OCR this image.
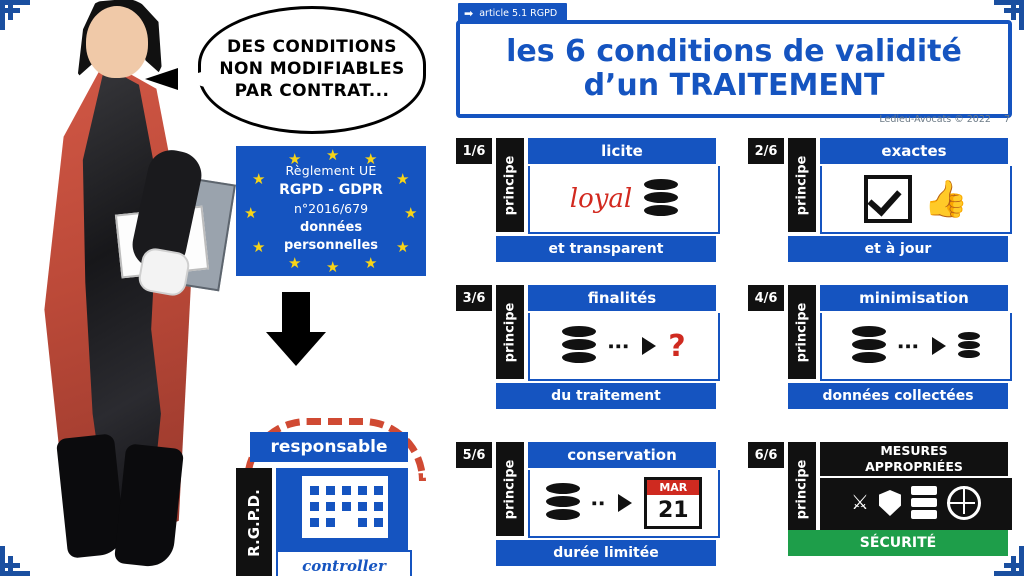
DES CONDITIONS NON MODIFIABLES PAR CONTRAT...
★ ★ ★
★	★
★	★
★	★
★ ★ ★
Règlement UE
RGPD - GDPR
n°2016/679
données
personnelles
responsable
R.G.P.D.
controller
➡ article 5.1 RGPD
les 6 conditions de validité
d’un TRAITEMENT
Ledieu-Avocats © 2022 7
1/6
principe
licite
loyal
et transparent
2/6
principe
exactes
👍
et à jour
3/6
principe
finalités
▪▪▪ ?
du traitement
4/6
principe
minimisation
▪▪▪
données collectées
5/6
principe
conservation
▪▪
MAR
21
durée limitée
6/6
principe
MESURES
APPROPRIÉES
⚔
SÉCURITÉ
